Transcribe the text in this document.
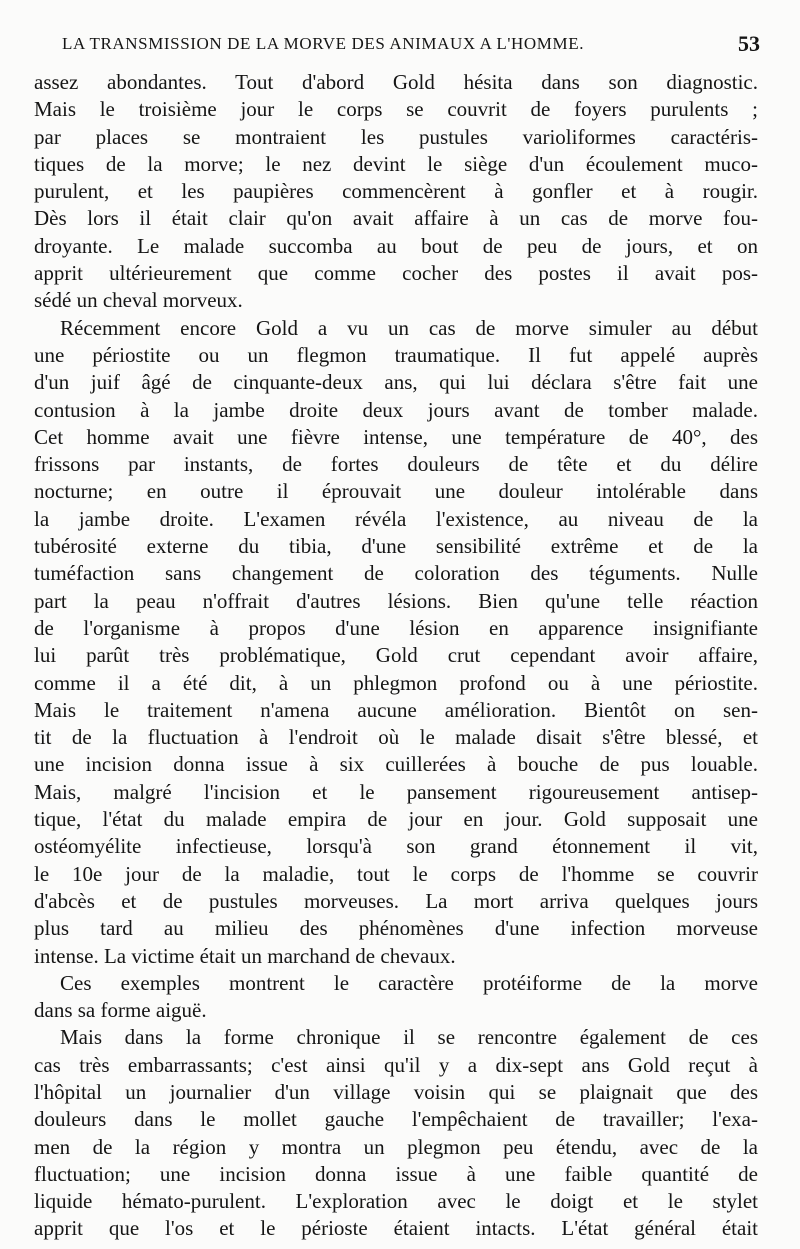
LA TRANSMISSION DE LA MORVE DES ANIMAUX A L'HOMME.	53
assez abondantes. Tout d'abord Gold hésita dans son diagnostic.
Mais le troisième jour le corps se couvrit de foyers purulents ;
par places se montraient les pustules varioliformes caractéris-
tiques de la morve; le nez devint le siège d'un écoulement muco-
purulent, et les paupières commencèrent à gonfler et à rougir.
Dès lors il était clair qu'on avait affaire à un cas de morve fou-
droyante. Le malade succomba au bout de peu de jours, et on
apprit ultérieurement que comme cocher des postes il avait pos-
sédé un cheval morveux.
Récemment encore Gold a vu un cas de morve simuler au début
une périostite ou un flegmon traumatique. Il fut appelé auprès
d'un juif âgé de cinquante-deux ans, qui lui déclara s'être fait une
contusion à la jambe droite deux jours avant de tomber malade.
Cet homme avait une fièvre intense, une température de 40°, des
frissons par instants, de fortes douleurs de tête et du délire
nocturne; en outre il éprouvait une douleur intolérable dans
la jambe droite. L'examen révéla l'existence, au niveau de la
tubérosité externe du tibia, d'une sensibilité extrême et de la
tuméfaction sans changement de coloration des téguments. Nulle
part la peau n'offrait d'autres lésions. Bien qu'une telle réaction
de l'organisme à propos d'une lésion en apparence insignifiante
lui parût très problématique, Gold crut cependant avoir affaire,
comme il a été dit, à un phlegmon profond ou à une périostite.
Mais le traitement n'amena aucune amélioration. Bientôt on sen-
tit de la fluctuation à l'endroit où le malade disait s'être blessé, et
une incision donna issue à six cuillerées à bouche de pus louable.
Mais, malgré l'incision et le pansement rigoureusement antisep-
tique, l'état du malade empira de jour en jour. Gold supposait une
ostéomyélite infectieuse, lorsqu'à son grand étonnement il vit,
le 10e jour de la maladie, tout le corps de l'homme se couvrir
d'abcès et de pustules morveuses. La mort arriva quelques jours
plus tard au milieu des phénomènes d'une infection morveuse
intense. La victime était un marchand de chevaux.
Ces exemples montrent le caractère protéiforme de la morve
dans sa forme aiguë.
Mais dans la forme chronique il se rencontre également de ces
cas très embarrassants; c'est ainsi qu'il y a dix-sept ans Gold reçut à
l'hôpital un journalier d'un village voisin qui se plaignait que des
douleurs dans le mollet gauche l'empêchaient de travailler; l'exa-
men de la région y montra un plegmon peu étendu, avec de la
fluctuation; une incision donna issue à une faible quantité de
liquide hémato-purulent. L'exploration avec le doigt et le stylet
apprit que l'os et le périoste étaient intacts. L'état général était
